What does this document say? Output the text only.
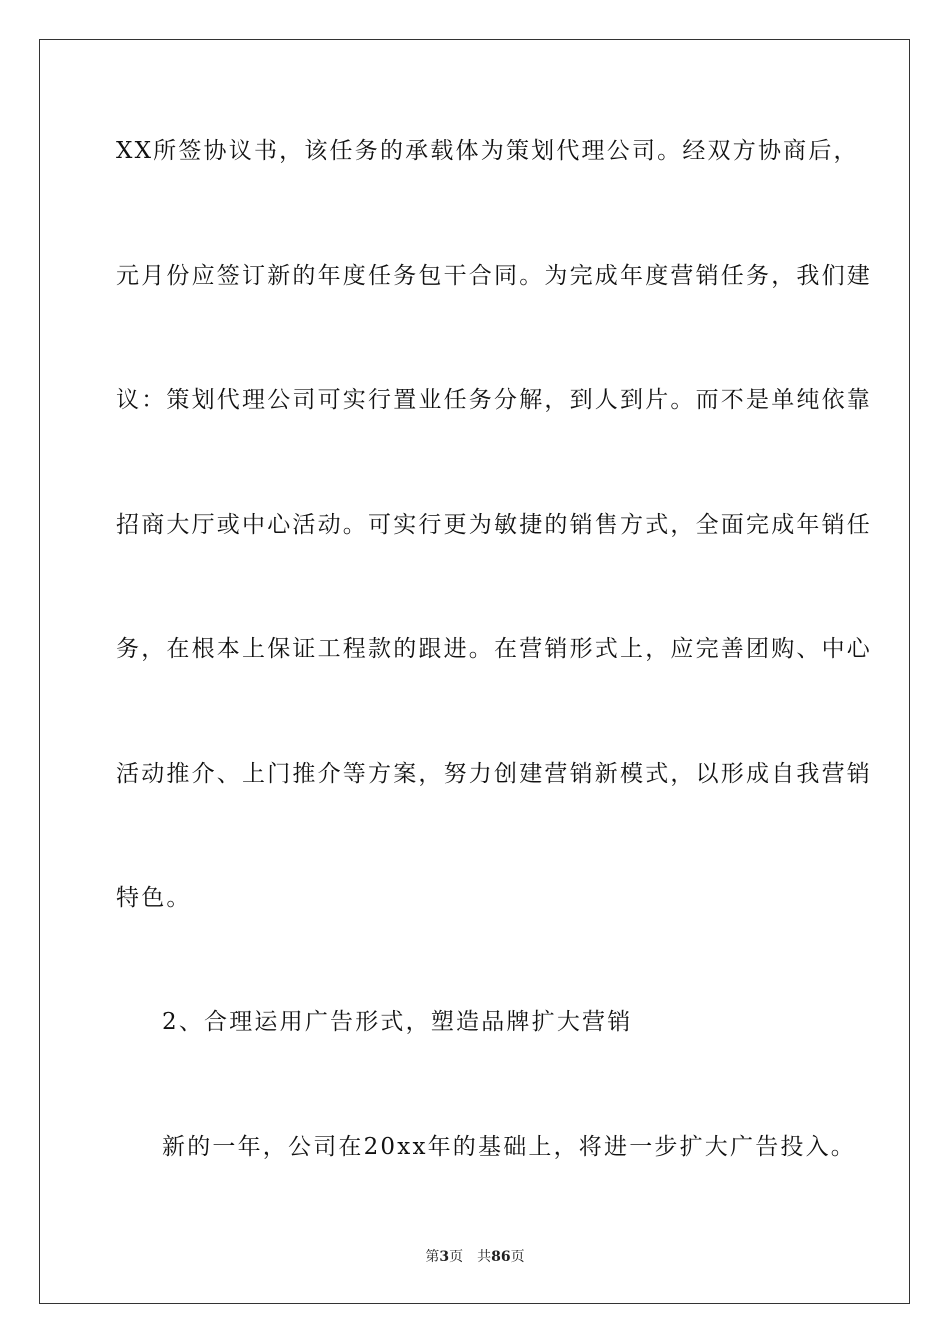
XX所签协议书，该任务的承载体为策划代理公司。经双方协商后，
元月份应签订新的年度任务包干合同。为完成年度营销任务，我们建
议：策划代理公司可实行置业任务分解，到人到片。而不是单纯依靠
招商大厅或中心活动。可实行更为敏捷的销售方式，全面完成年销任
务，在根本上保证工程款的跟进。在营销形式上，应完善团购、中心
活动推介、上门推介等方案，努力创建营销新模式，以形成自我营销
特色。
2、合理运用广告形式，塑造品牌扩大营销
新的一年，公司在20xx年的基础上，将进一步扩大广告投入。
第3页 共86页
